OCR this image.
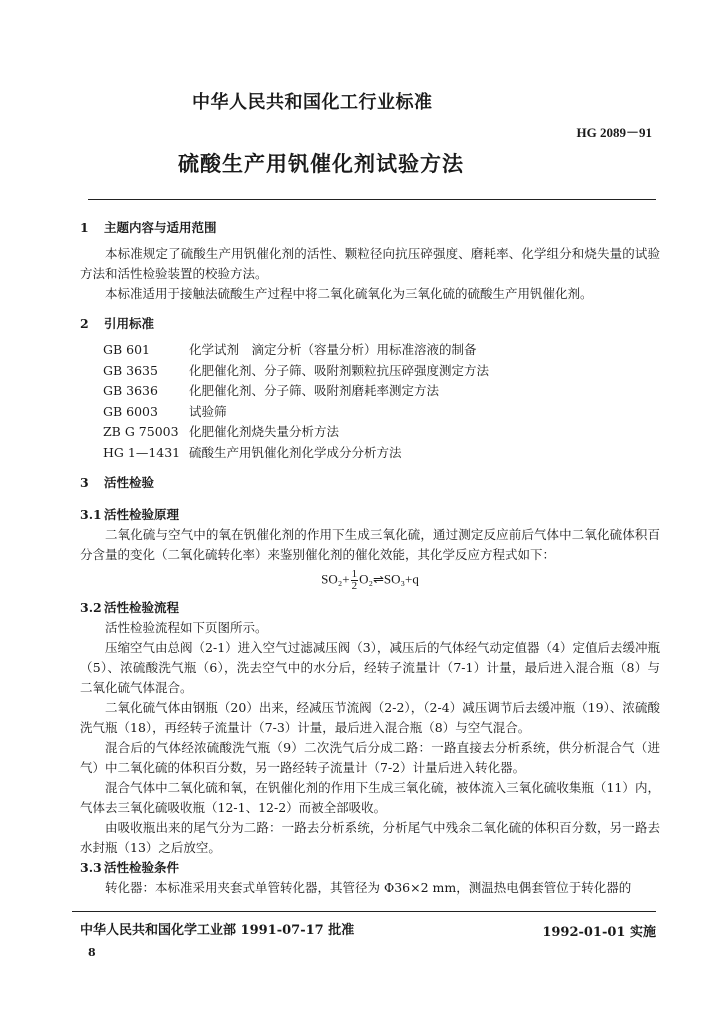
中华人民共和国化工行业标准
HG 2089－91
硫酸生产用钒催化剂试验方法
1 主题内容与适用范围

本标准规定了硫酸生产用钒催化剂的活性、颗粒径向抗压碎强度、磨耗率、化学组分和烧失量的试验方法和活性检验装置的校验方法。

本标准适用于接触法硫酸生产过程中将二氧化硫氧化为三氧化硫的硫酸生产用钒催化剂。

2 引用标准
GB 601	化学试剂　滴定分析（容量分析）用标准溶液的制备
GB 3635 化肥催化剂、分子筛、吸附剂颗粒抗压碎强度测定方法
GB 3636 化肥催化剂、分子筛、吸附剂磨耗率测定方法
GB 6003 试验筛
ZB G 75003 化肥催化剂烧失量分析方法
HG 1—1431 硫酸生产用钒催化剂化学成分分析方法
3 活性检验
3.1 活性检验原理

二氧化硫与空气中的氧在钒催化剂的作用下生成三氧化硫，通过测定反应前后气体中二氧化硫体积百分含量的变化（二氧化硫转化率）来鉴别催化剂的催化效能，其化学反应方程式如下：

$SO_2+ \frac{1}{2}$ O₂⇌SO₃+q
3.2 活性检验流程

活性检验流程如下页图所示。

压缩空气由总阀（2-1）进入空气过滤减压阀（3），减压后的气体经气动定值器（4）定值后去缓冲瓶（5）、浓硫酸洗气瓶（6），洗去空气中的水分后，经转子流量计（7-1）计量，最后进入混合瓶（8）与二氧化硫气体混合。

二氧化硫气体由钢瓶（20）出来，经减压节流阀（2-2），（2-4）减压调节后去缓冲瓶（19）、浓硫酸洗气瓶（18），再经转子流量计（7-3）计量，最后进入混合瓶（8）与空气混合。

混合后的气体经浓硫酸洗气瓶（9）二次洗气后分成二路：一路直接去分析系统，供分析混合气（进气）中二氧化硫的体积百分数，另一路经转子流量计（7-2）计量后进入转化器。

混合气体中二氧化硫和氧，在钒催化剂的作用下生成三氧化硫，被体流入三氧化硫收集瓶（11）内，气体去三氧化硫吸收瓶（12-1、12-2）而被全部吸收。

由吸收瓶出来的尾气分为二路：一路去分析系统，分析尾气中残余二氧化硫的体积百分数，另一路去水封瓶（13）之后放空。

3.3 活性检验条件

转化器：本标准采用夹套式单管转化器，其管径为 Φ36×2 mm，测温热电偶套管位于转化器的

中华人民共和国化学工业部 1991-07-17 批准	1992-01-01 实施
8
